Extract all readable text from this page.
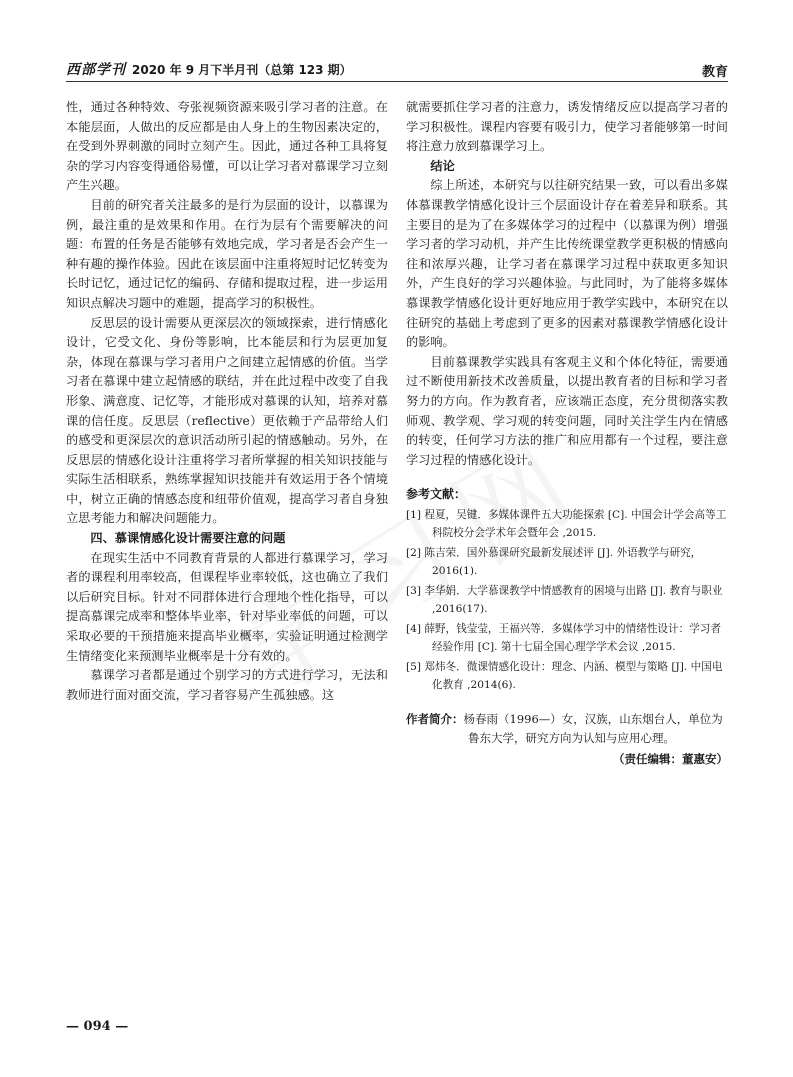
西部学刊 2020 年 9 月下半月刊（总第 123 期）	教育

性，通过各种特效、夸张视频资源来吸引学习者的注意。在本能层面，人做出的反应都是由人身上的生物因素决定的，在受到外界刺激的同时立刻产生。因此，通过各种工具将复杂的学习内容变得通俗易懂，可以让学习者对慕课学习立刻产生兴趣。

目前的研究者关注最多的是行为层面的设计，以慕课为例，最注重的是效果和作用。在行为层有个需要解决的问题：布置的任务是否能够有效地完成，学习者是否会产生一种有趣的操作体验。因此在该层面中注重将短时记忆转变为长时记忆，通过记忆的编码、存储和提取过程，进一步运用知识点解决习题中的难题，提高学习的积极性。

反思层的设计需要从更深层次的领域探索，进行情感化设计，它受文化、身份等影响，比本能层和行为层更加复杂，体现在慕课与学习者用户之间建立起情感的价值。当学习者在慕课中建立起情感的联结，并在此过程中改变了自我形象、满意度、记忆等，才能形成对慕课的认知，培养对慕课的信任度。反思层（reflective）更依赖于产品带给人们的感受和更深层次的意识活动所引起的情感触动。另外，在反思层的情感化设计注重将学习者所掌握的相关知识技能与实际生活相联系，熟练掌握知识技能并有效运用于各个情境中，树立正确的情感态度和纽带价值观，提高学习者自身独立思考能力和解决问题能力。

四、慕课情感化设计需要注意的问题

在现实生活中不同教育背景的人都进行慕课学习，学习者的课程利用率较高，但课程毕业率较低，这也确立了我们以后研究目标。针对不同群体进行合理地个性化指导，可以提高慕课完成率和整体毕业率，针对毕业率低的问题，可以采取必要的干预措施来提高毕业概率，实验证明通过检测学生情绪变化来预测毕业概率是十分有效的。

慕课学习者都是通过个别学习的方式进行学习，无法和教师进行面对面交流，学习者容易产生孤独感。这

就需要抓住学习者的注意力，诱发情绪反应以提高学习者的学习积极性。课程内容要有吸引力，使学习者能够第一时间将注意力放到慕课学习上。

结论

综上所述，本研究与以往研究结果一致，可以看出多媒体慕课教学情感化设计三个层面设计存在着差异和联系。其主要目的是为了在多媒体学习的过程中（以慕课为例）增强学习者的学习动机，并产生比传统课堂教学更积极的情感向往和浓厚兴趣，让学习者在慕课学习过程中获取更多知识外，产生良好的学习兴趣体验。与此同时，为了能将多媒体慕课教学情感化设计更好地应用于教学实践中，本研究在以往研究的基础上考虑到了更多的因素对慕课教学情感化设计的影响。

目前慕课教学实践具有客观主义和个体化特征，需要通过不断使用新技术改善质量，以提出教育者的目标和学习者努力的方向。作为教育者，应该端正态度，充分贯彻落实教师观、教学观、学习观的转变问题，同时关注学生内在情感的转变，任何学习方法的推广和应用都有一个过程，要注意学习过程的情感化设计。

参考文献：
[1] 程夏，吴键．多媒体课件五大功能探索 [C]. 中国会计学会高等工科院校分会学术年会暨年会 ,2015.
[2] 陈吉荣．国外慕课研究最新发展述评 [J]. 外语教学与研究，2016(1).
[3] 李华娟．大学慕课教学中情感教育的困境与出路 [J]. 教育与职业 ,2016(17).
[4] 薛野，钱莹莹，王福兴等．多媒体学习中的情绪性设计：学习者经验作用 [C]. 第十七届全国心理学学术会议 ,2015.
[5] 郑炜冬．微课情感化设计：理念、内涵、模型与策略 [J]. 中国电化教育 ,2014(6).
作者简介：杨春雨（1996—）女，汉族，山东烟台人，单位为鲁东大学，研究方向为认知与应用心理。
（责任编辑：董惠安）
— 094 —
